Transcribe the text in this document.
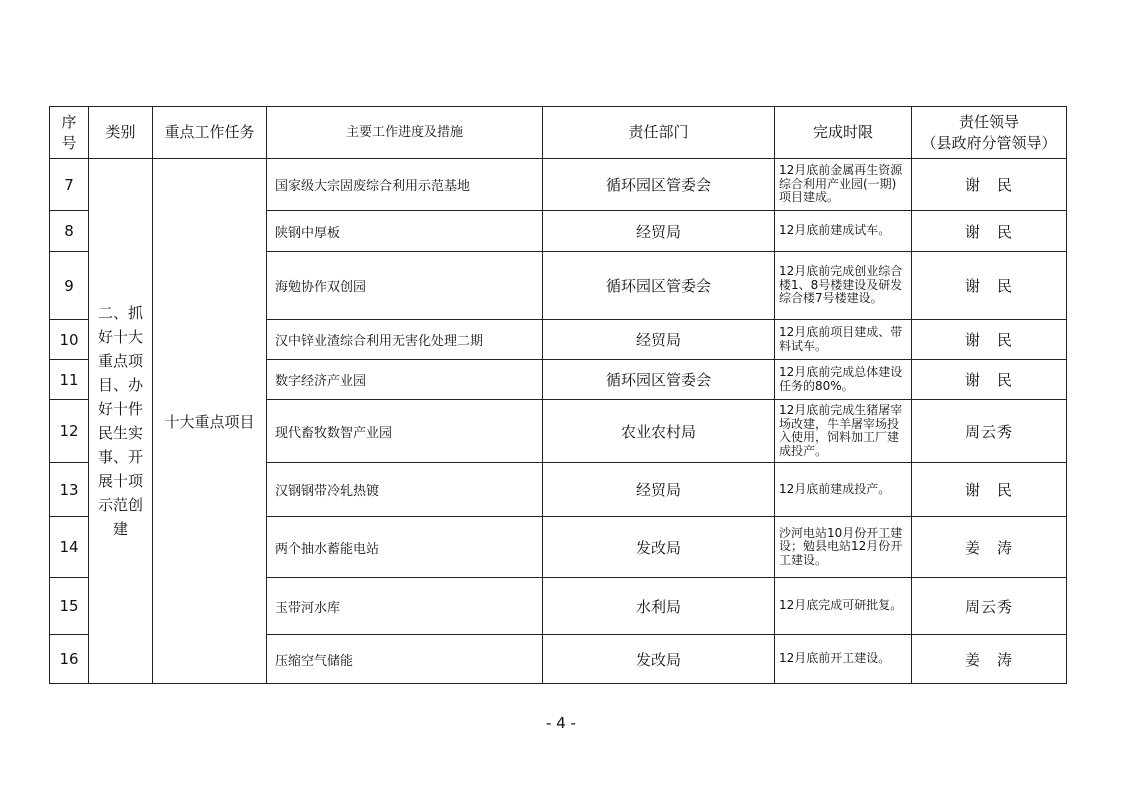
序号	类别	重点工作任务	主要工作进度及措施	责任部门	完成时限	责任领导
（县政府分管领导）

7	二、抓好十大重点项目、办好十件民生实事、开展十项示范创建	十大重点项目	国家级大宗固废综合利用示范基地	循环园区管委会	12月底前金属再生资源综合利用产业园(一期)项目建成。	谢　民
8			陕钢中厚板	经贸局	12月底前建成试车。	谢　民
9			海勉协作双创园	循环园区管委会	12月底前完成创业综合楼1、8号楼建设及研发综合楼7号楼建设。	谢　民
10			汉中锌业渣综合利用无害化处理二期	经贸局	12月底前项目建成、带料试车。	谢　民
11			数字经济产业园	循环园区管委会	12月底前完成总体建设任务的80%。	谢　民
12			现代畜牧数智产业园	农业农村局	12月底前完成生猪屠宰场改建，牛羊屠宰场投入使用，饲料加工厂建成投产。	周云秀
13			汉钢钢带冷轧热镀	经贸局	12月底前建成投产。	谢　民
14			两个抽水蓄能电站	发改局	沙河电站10月份开工建设；勉县电站12月份开工建设。	姜　涛
15			玉带河水库	水利局	12月底完成可研批复。	周云秀
16			压缩空气储能	发改局	12月底前开工建设。	姜　涛
- 4 -
